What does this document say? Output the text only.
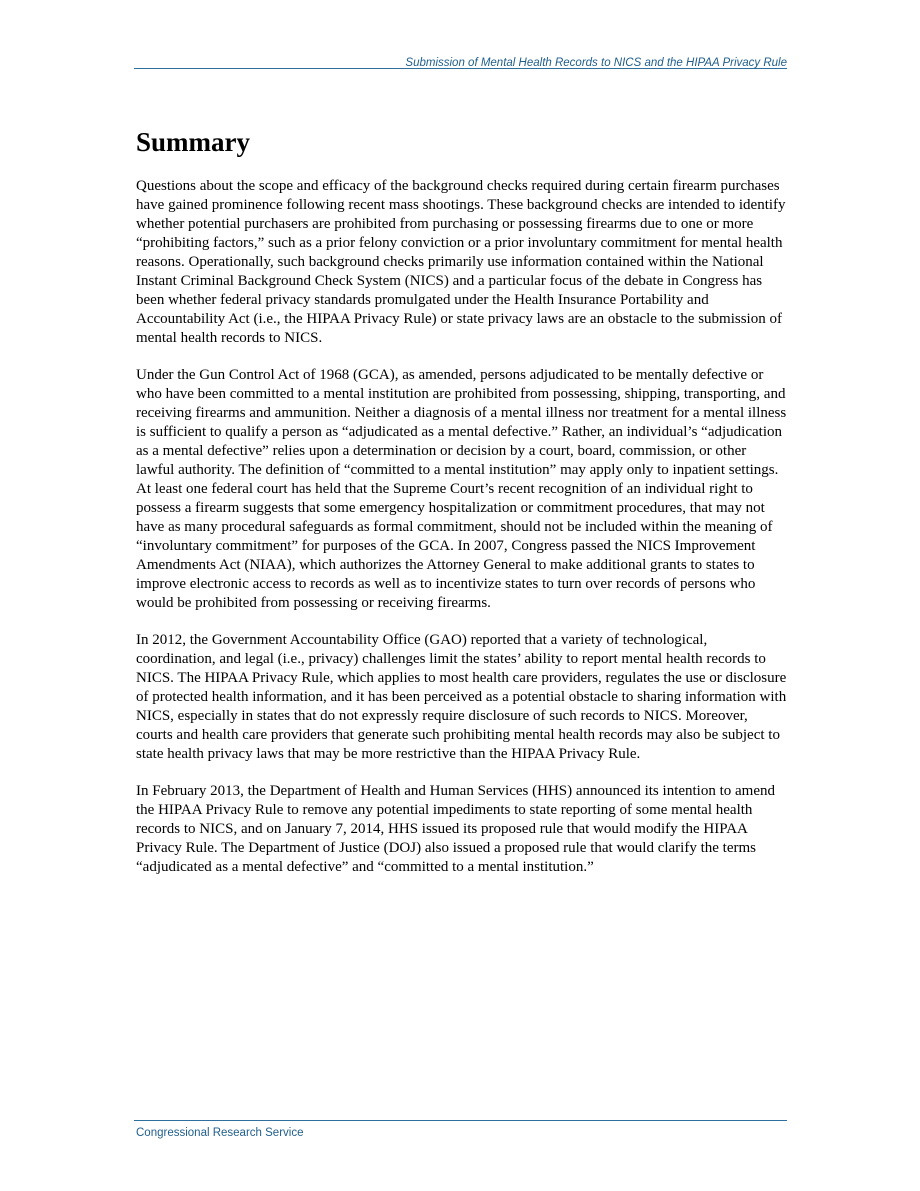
Submission of Mental Health Records to NICS and the HIPAA Privacy Rule
Summary

Questions about the scope and efficacy of the background checks required during certain firearm purchases have gained prominence following recent mass shootings. These background checks are intended to identify whether potential purchasers are prohibited from purchasing or possessing firearms due to one or more “prohibiting factors,” such as a prior felony conviction or a prior involuntary commitment for mental health reasons. Operationally, such background checks primarily use information contained within the National Instant Criminal Background Check System (NICS) and a particular focus of the debate in Congress has been whether federal privacy standards promulgated under the Health Insurance Portability and Accountability Act (i.e., the HIPAA Privacy Rule) or state privacy laws are an obstacle to the submission of mental health records to NICS.

Under the Gun Control Act of 1968 (GCA), as amended, persons adjudicated to be mentally defective or who have been committed to a mental institution are prohibited from possessing, shipping, transporting, and receiving firearms and ammunition. Neither a diagnosis of a mental illness nor treatment for a mental illness is sufficient to qualify a person as “adjudicated as a mental defective.” Rather, an individual’s “adjudication as a mental defective” relies upon a determination or decision by a court, board, commission, or other lawful authority. The definition of “committed to a mental institution” may apply only to inpatient settings. At least one federal court has held that the Supreme Court’s recent recognition of an individual right to possess a firearm suggests that some emergency hospitalization or commitment procedures, that may not have as many procedural safeguards as formal commitment, should not be included within the meaning of “involuntary commitment” for purposes of the GCA. In 2007, Congress passed the NICS Improvement Amendments Act (NIAA), which authorizes the Attorney General to make additional grants to states to improve electronic access to records as well as to incentivize states to turn over records of persons who would be prohibited from possessing or receiving firearms.

In 2012, the Government Accountability Office (GAO) reported that a variety of technological, coordination, and legal (i.e., privacy) challenges limit the states’ ability to report mental health records to NICS. The HIPAA Privacy Rule, which applies to most health care providers, regulates the use or disclosure of protected health information, and it has been perceived as a potential obstacle to sharing information with NICS, especially in states that do not expressly require disclosure of such records to NICS. Moreover, courts and health care providers that generate such prohibiting mental health records may also be subject to state health privacy laws that may be more restrictive than the HIPAA Privacy Rule.

In February 2013, the Department of Health and Human Services (HHS) announced its intention to amend the HIPAA Privacy Rule to remove any potential impediments to state reporting of some mental health records to NICS, and on January 7, 2014, HHS issued its proposed rule that would modify the HIPAA Privacy Rule. The Department of Justice (DOJ) also issued a proposed rule that would clarify the terms “adjudicated as a mental defective” and “committed to a mental institution.”

Congressional Research Service
